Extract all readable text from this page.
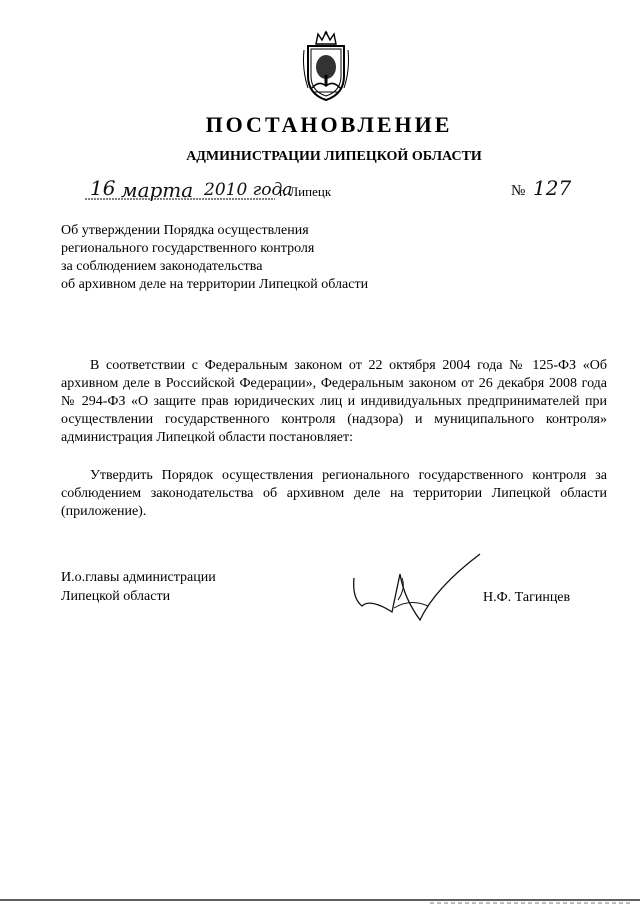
ПОСТАНОВЛЕНИЕ
АДМИНИСТРАЦИИ ЛИПЕЦКОЙ ОБЛАСТИ
16 марта 2010 года
г. Липецк	№ 127
Об утверждении Порядка осуществления
регионального государственного контроля
за соблюдением законодательства
об архивном деле на территории Липецкой области
В соответствии с Федеральным законом от 22 октября 2004 года № 125-ФЗ «Об архивном деле в Российской Федерации», Федеральным законом от 26 декабря 2008 года № 294-ФЗ «О защите прав юридических лиц и индивидуальных предпринимателей при осуществлении государственного контроля (надзора) и муниципального контроля» администрация Липецкой области постановляет:
Утвердить Порядок осуществления регионального государственного контроля за соблюдением законодательства об архивном деле на территории Липецкой области (приложение).
И.о.главы администрации
Липецкой области	Н.Ф. Тагинцев
